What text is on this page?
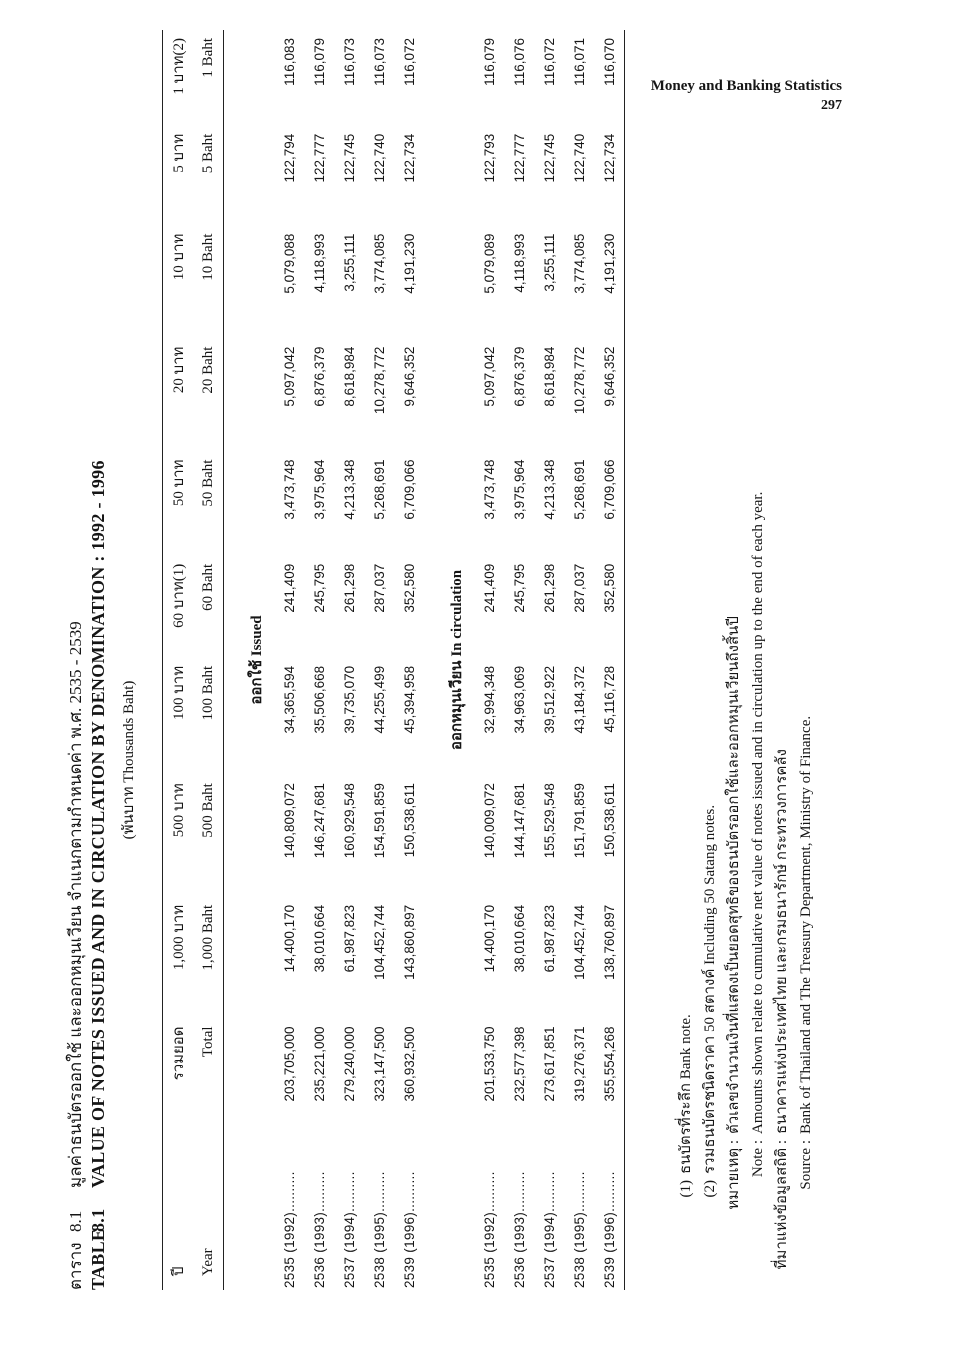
Money and Banking Statistics
297
ตาราง
8.1
มูลค่าธนบัตรออกใช้ และออกหมุนเวียน จำแนกตามกำหนดค่า พ.ศ. 2535 - 2539
TABLE
8.1
VALUE OF NOTES ISSUED AND IN CIRCULATION BY DENOMINATION : 1992 - 1996 (พันบาท Thousands Baht)
ปี	รวมยอด	1,000 บาท	500 บาท	100 บาท	60 บาท(1)	50 บาท	20 บาท	10 บาท	5 บาท	1 บาท(2)
Year	Total	1,000 Baht	500 Baht	100 Baht	60 Baht	50 Baht	20 Baht	10 Baht	5 Baht	1 Baht

ออกใช้ Issued										
2535 (1992)..........	203,705,000	14,400,170	140,809,072	34,365,594	241,409	3,473,748	5,097,042	5,079,088	122,794	116,083
2536 (1993)..........	235,221,000	38,010,664	146,247,681	35,506,668	245,795	3,975,964	6,876,379	4,118,993	122,777	116,079
2537 (1994)..........	279,240,000	61,987,823	160,929,548	39,735,070	261,298	4,213,348	8,618,984	3,255,111	122,745	116,073
2538 (1995)..........	323,147,500	104,452,744	154,591,859	44,255,499	287,037	5,268,691	10,278,772	3,774,085	122,740	116,073
2539 (1996)..........	360,932,500	143,860,897	150,538,611	45,394,958	352,580	6,709,066	9,646,352	4,191,230	122,734	116,072

ออกหมุนเวียน In circulation										
2535 (1992)..........	201,533,750	14,400,170	140,009,072	32,994,348	241,409	3,473,748	5,097,042	5,079,089	122,793	116,079
2536 (1993)..........	232,577,398	38,010,664	144,147,681	34,963,069	245,795	3,975,964	6,876,379	4,118,993	122,777	116,076
2537 (1994)..........	273,617,851	61,987,823	155,529,548	39,512,922	261,298	4,213,348	8,618,984	3,255,111	122,745	116,072
2538 (1995)..........	319,276,371	104,452,744	151,791,859	43,184,372	287,037	5,268,691	10,278,772	3,774,085	122,740	116,071
2539 (1996)..........	355,554,268	138,760,897	150,538,611	45,116,728	352,580	6,709,066	9,646,352	4,191,230	122,734	116,070
(1)
ธนบัตรที่ระลึก Bank note.
(2)
รวมธนบัตรชนิดราคา 50 สตางค์ Including 50 Satang notes.
หมายเหตุ :
ตัวเลขจำนวนเงินที่แสดงเป็นยอดสุทธิของธนบัตรออกใช้และออกหมุนเวียนถึงสิ้นปี
Note :
Amounts shown relate to cumulative net value of notes issued and in circulation up to the end of each year.
ที่มาแห่งข้อมูลสถิติ :
ธนาคารแห่งประเทศไทย และกรมธนารักษ์ กระทรวงการคลัง
Source :
Bank of Thailand and The Treasury Department, Ministry of Finance.
